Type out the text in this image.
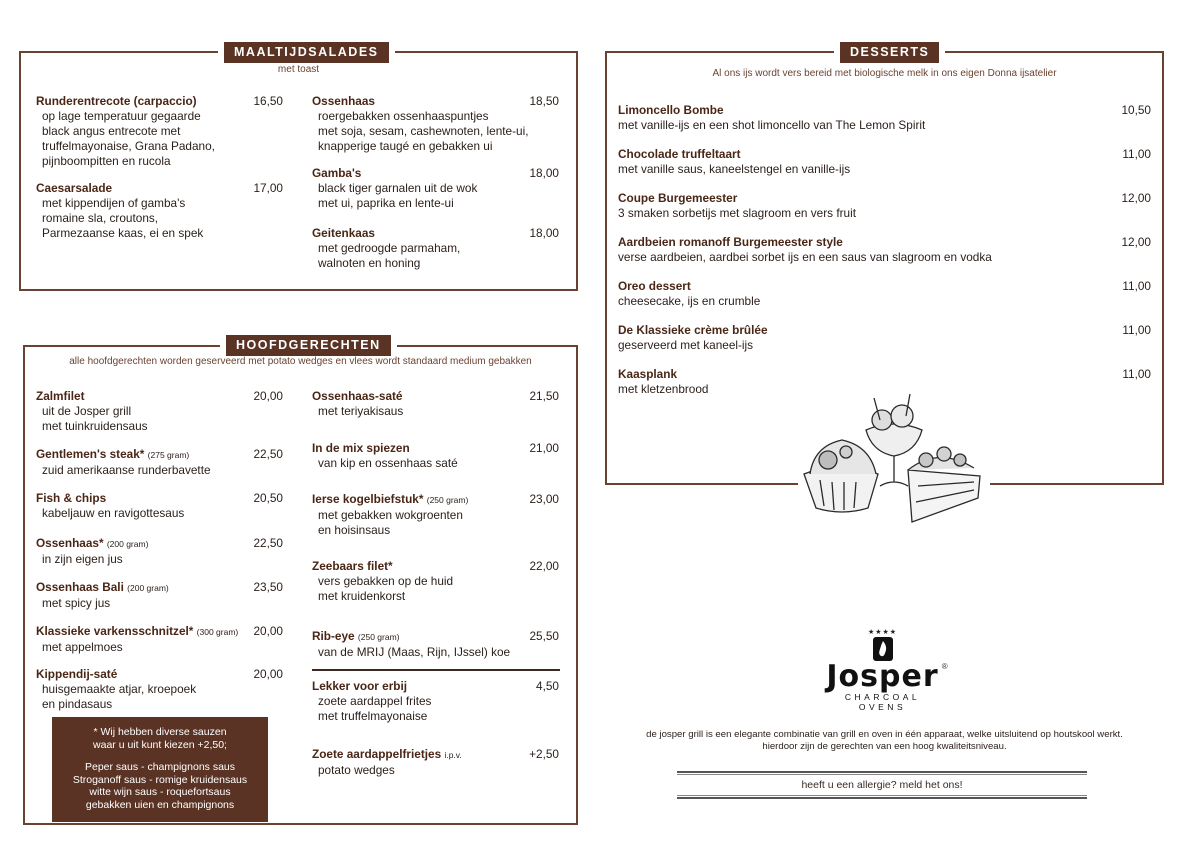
MAALTIJDSALADES
met toast
Runderentrecote (carpaccio)
op lage temperatuur gegaarde
black angus entrecote met
truffelmayonaise, Grana Padano,
pijnboompitten en rucola
16,50
Caesarsalade
met kippendijen of gamba's
romaine sla, croutons,
Parmezaanse kaas, ei en spek
17,00
Ossenhaas
roergebakken ossenhaaspuntjes
met soja, sesam, cashewnoten, lente-ui,
knapperige taugé en gebakken ui
18,50
Gamba's
black tiger garnalen uit de wok
met ui, paprika en lente-ui
18,00
Geitenkaas
met gedroogde parmaham,
walnoten en honing
18,00
HOOFDGERECHTEN
alle hoofdgerechten worden geserveerd met potato wedges en vlees wordt standaard medium gebakken
Zalmfilet
uit de Josper grill
met tuinkruidensaus
20,00
Gentlemen's steak* (275 gram)
zuid amerikaanse runderbavette
22,50
Fish & chips
kabeljauw en ravigottesaus
20,50
Ossenhaas* (200 gram)
in zijn eigen jus
22,50
Ossenhaas Bali (200 gram)
met spicy jus
23,50
Klassieke varkensschnitzel* (300 gram)
met appelmoes
20,00
Kippendij-saté
huisgemaakte atjar, kroepoek
en pindasaus
20,00
Ossenhaas-saté
met teriyakisaus
21,50
In de mix spiezen
van kip en ossenhaas saté
21,00
Ierse kogelbiefstuk* (250 gram)
met gebakken wokgroenten
en hoisinsaus
23,00
Zeebaars filet*
vers gebakken op de huid
met kruidenkorst
22,00
Rib-eye (250 gram)
van de MRIJ (Maas, Rijn, IJssel) koe
25,50
Lekker voor erbij
zoete aardappel frites
met truffelmayonaise
4,50
Zoete aardappelfrietjes i.p.v.
potato wedges
+2,50
* Wij hebben diverse sauzen
waar u uit kunt kiezen +2,50;
Peper saus - champignons saus
Stroganoff saus - romige kruidensaus
witte wijn saus - roquefortsaus
gebakken uien en champignons
DESSERTS
Al ons ijs wordt vers bereid met biologische melk in ons eigen Donna ijsatelier
Limoncello Bombe
met vanille-ijs en een shot limoncello van The Lemon Spirit
10,50
Chocolade truffeltaart
met vanille saus, kaneelstengel en vanille-ijs
11,00
Coupe Burgemeester
3 smaken sorbetijs met slagroom en vers fruit
12,00
Aardbeien romanoff Burgemeester style
verse aardbeien, aardbei sorbet ijs en een saus van slagroom en vodka
12,00
Oreo dessert
cheesecake, ijs en crumble
11,00
De Klassieke crème brûlée
geserveerd met kaneel-ijs
11,00
Kaasplank
met kletzenbrood
11,00
★★★★
Josper ®
CHARCOAL OVENS
de josper grill is een elegante combinatie van grill en oven in één apparaat, welke uitsluitend op houtskool werkt.
hierdoor zijn de gerechten van een hoog kwaliteitsniveau.
heeft u een allergie? meld het ons!
